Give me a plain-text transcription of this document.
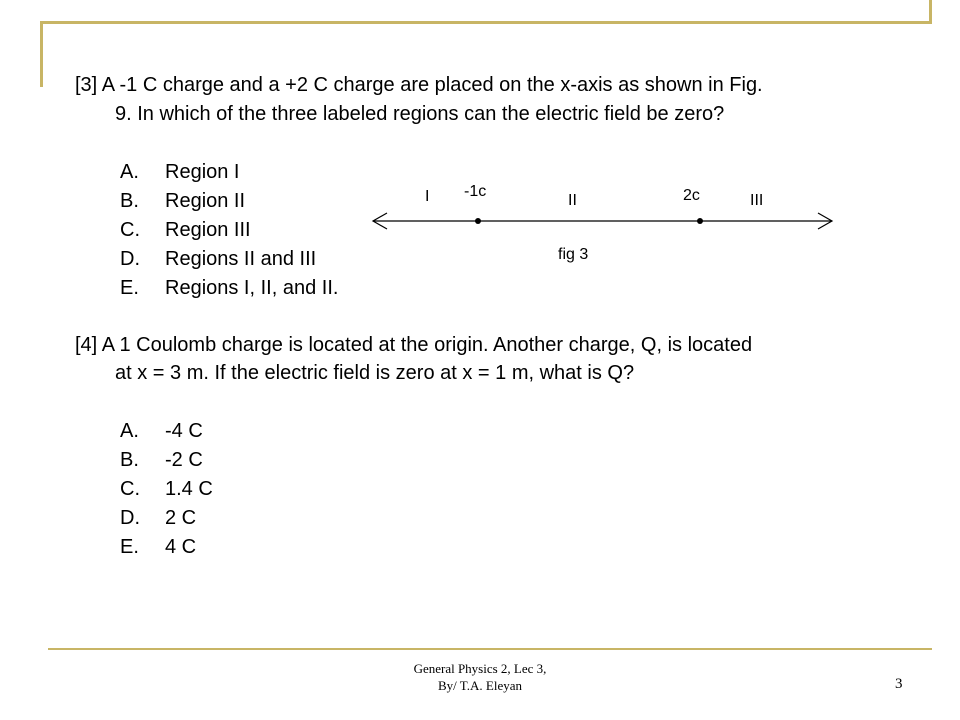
[3] A -1 C charge and a +2 C charge are placed on the x-axis as shown in Fig.
9. In which of the three labeled regions can the electric field be zero?
A. Region I
B. Region II
C. Region III
D. Regions II and III
E. Regions I, II, and II.
I -1c
II	2c	III
fig 3
[4] A 1 Coulomb charge is located at the origin. Another charge, Q, is located
at x = 3 m. If the electric field is zero at x = 1 m, what is Q?
A. -4 C
B. -2 C
C. 1.4 C
D. 2 C
E. 4 C
General Physics 2, Lec 3,
By/ T.A. Eleyan	3
